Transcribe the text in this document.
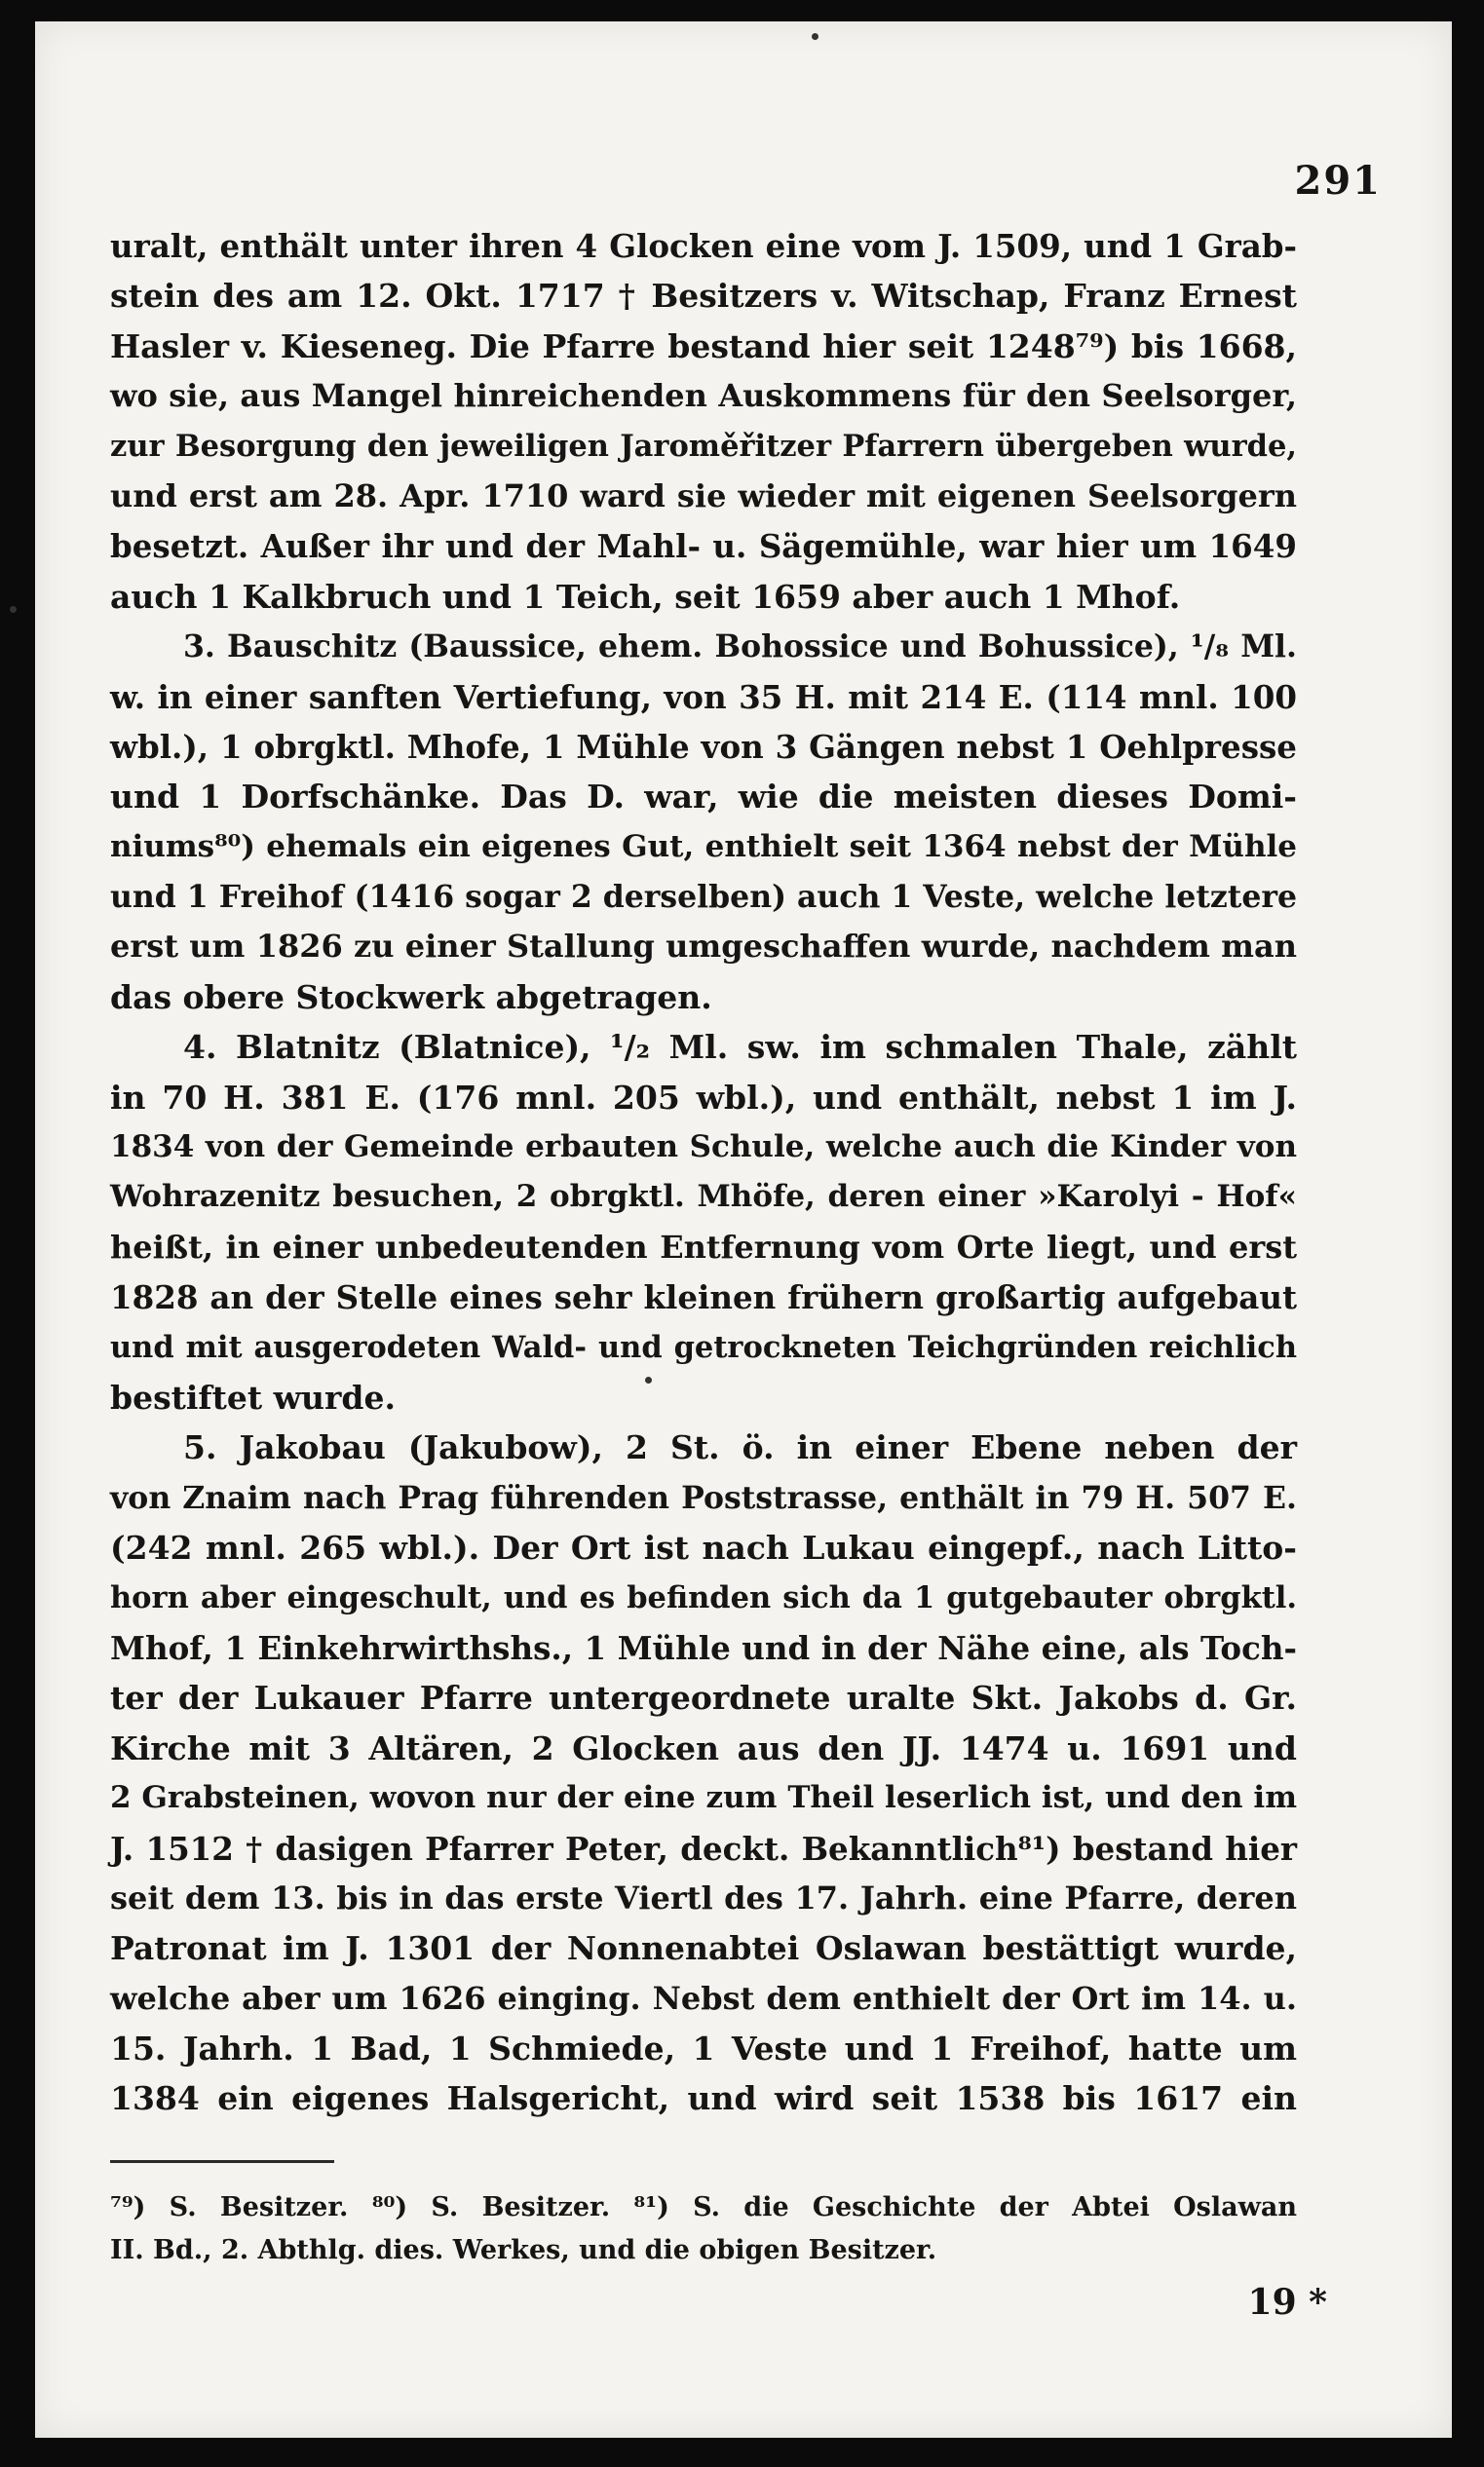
291
uralt, enthält unter ihren 4 Glocken eine vom J. 1509, und 1 Grab-
stein des am 12. Okt. 1717 † Besitzers v. Witschap, Franz Ernest
Hasler v. Kieseneg. Die Pfarre bestand hier seit 1248⁷⁹) bis 1668,
wo sie, aus Mangel hinreichenden Auskommens für den Seelsorger,
zur Besorgung den jeweiligen Jaroměřitzer Pfarrern übergeben wurde,
und erst am 28. Apr. 1710 ward sie wieder mit eigenen Seelsorgern
besetzt. Außer ihr und der Mahl- u. Sägemühle, war hier um 1649
auch 1 Kalkbruch und 1 Teich, seit 1659 aber auch 1 Mhof.
3. Bauschitz (Baussice, ehem. Bohossice und Bohussice), ¹/₈ Ml.
w. in einer sanften Vertiefung, von 35 H. mit 214 E. (114 mnl. 100
wbl.), 1 obrgktl. Mhofe, 1 Mühle von 3 Gängen nebst 1 Oehlpresse
und 1 Dorfschänke. Das D. war, wie die meisten dieses Domi-
niums⁸⁰) ehemals ein eigenes Gut, enthielt seit 1364 nebst der Mühle
und 1 Freihof (1416 sogar 2 derselben) auch 1 Veste, welche letztere
erst um 1826 zu einer Stallung umgeschaffen wurde, nachdem man
das obere Stockwerk abgetragen.
4. Blatnitz (Blatnice), ¹/₂ Ml. sw. im schmalen Thale, zählt
in 70 H. 381 E. (176 mnl. 205 wbl.), und enthält, nebst 1 im J.
1834 von der Gemeinde erbauten Schule, welche auch die Kinder von
Wohrazenitz besuchen, 2 obrgktl. Mhöfe, deren einer »Karolyi - Hof«
heißt, in einer unbedeutenden Entfernung vom Orte liegt, und erst
1828 an der Stelle eines sehr kleinen frühern großartig aufgebaut
und mit ausgerodeten Wald- und getrockneten Teichgründen reichlich
bestiftet wurde.
5. Jakobau (Jakubow), 2 St. ö. in einer Ebene neben der
von Znaim nach Prag führenden Poststrasse, enthält in 79 H. 507 E.
(242 mnl. 265 wbl.). Der Ort ist nach Lukau eingepf., nach Litto-
horn aber eingeschult, und es befinden sich da 1 gutgebauter obrgktl.
Mhof, 1 Einkehrwirthshs., 1 Mühle und in der Nähe eine, als Toch-
ter der Lukauer Pfarre untergeordnete uralte Skt. Jakobs d. Gr.
Kirche mit 3 Altären, 2 Glocken aus den JJ. 1474 u. 1691 und
2 Grabsteinen, wovon nur der eine zum Theil leserlich ist, und den im
J. 1512 † dasigen Pfarrer Peter, deckt. Bekanntlich⁸¹) bestand hier
seit dem 13. bis in das erste Viertl des 17. Jahrh. eine Pfarre, deren
Patronat im J. 1301 der Nonnenabtei Oslawan bestättigt wurde,
welche aber um 1626 einging. Nebst dem enthielt der Ort im 14. u.
15. Jahrh. 1 Bad, 1 Schmiede, 1 Veste und 1 Freihof, hatte um
1384 ein eigenes Halsgericht, und wird seit 1538 bis 1617 ein
⁷⁹) S. Besitzer. ⁸⁰) S. Besitzer. ⁸¹) S. die Geschichte der Abtei Oslawan
II. Bd., 2. Abthlg. dies. Werkes, und die obigen Besitzer.
19 *
